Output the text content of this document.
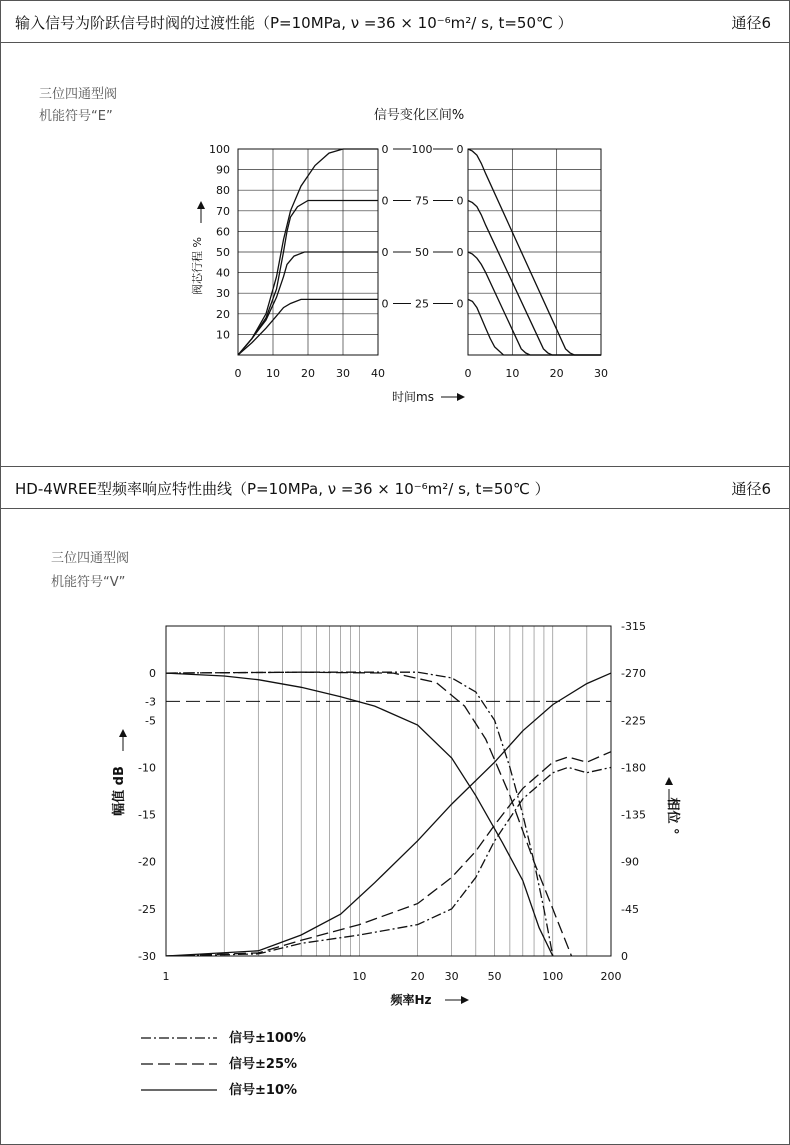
输入信号为阶跃信号时阀的过渡性能（P=10MPa, ν =36 × 10⁻⁶m²/ s, t=50℃ ）	通径6
三位四通型阀
机能符号“E”	信号变化区间%
10
20
30
40
50
60
70
80
90
100
0 10 20 30 40	0	10	20	30
阀芯行程 %
时间ms
0 100 0
0 75	0
0 50	0
0 25	0
HD-4WREE型频率响应特性曲线（P=10MPa, ν =36 × 10⁻⁶m²/ s, t=50℃ ）	通径6
三位四通型阀
机能符号“V”
0
-3
-5
-10
-15
-20
-25
-30
-315
-270
-225
-180
-135
-90
-45
0
1	10	20 30	50	100	200
幅值 dB
相位 °
频率Hz
信号±100%
信号±25%
信号±10%
